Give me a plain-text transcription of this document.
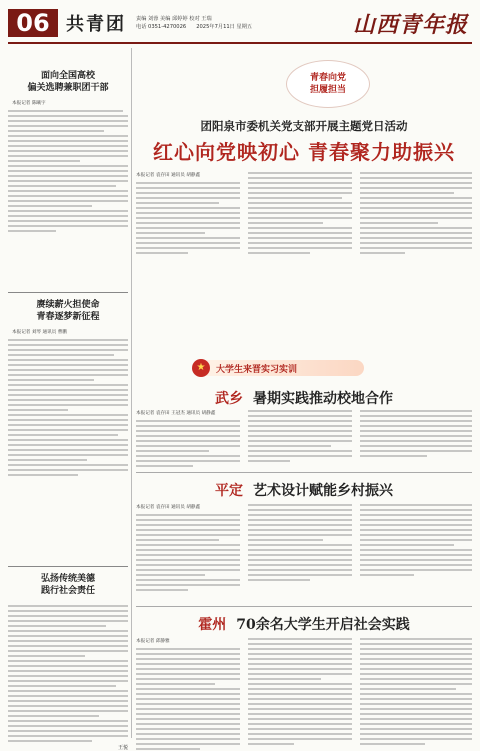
06 共青团 责编 刘蓉 美编 邱婷婷 校对 王瑞
电话 0351-4270026 2025年7月11日 星期五	山西青年报
面向全国高校
偏关选聘兼职团干部
本报记者 陈曦宇
赓续薪火担使命
青春逐梦新征程
本报记者 刘琴 通讯员 曹鹏
弘扬传统美德
践行社会责任
王悦
青春向党
担履担当
团阳泉市委机关党支部开展主题党日活动
红心向党映初心 青春聚力助振兴
本报记者 袁存田 通讯员 胡静鑫
★	大学生来晋实习实训
武乡 暑期实践推动校地合作
本报记者 袁存田 王冠杰 通讯员 胡静鑫
平定 艺术设计赋能乡村振兴
本报记者 袁存田 通讯员 胡静鑫
霍州 70余名大学生开启社会实践
本报记者 邱静雅
